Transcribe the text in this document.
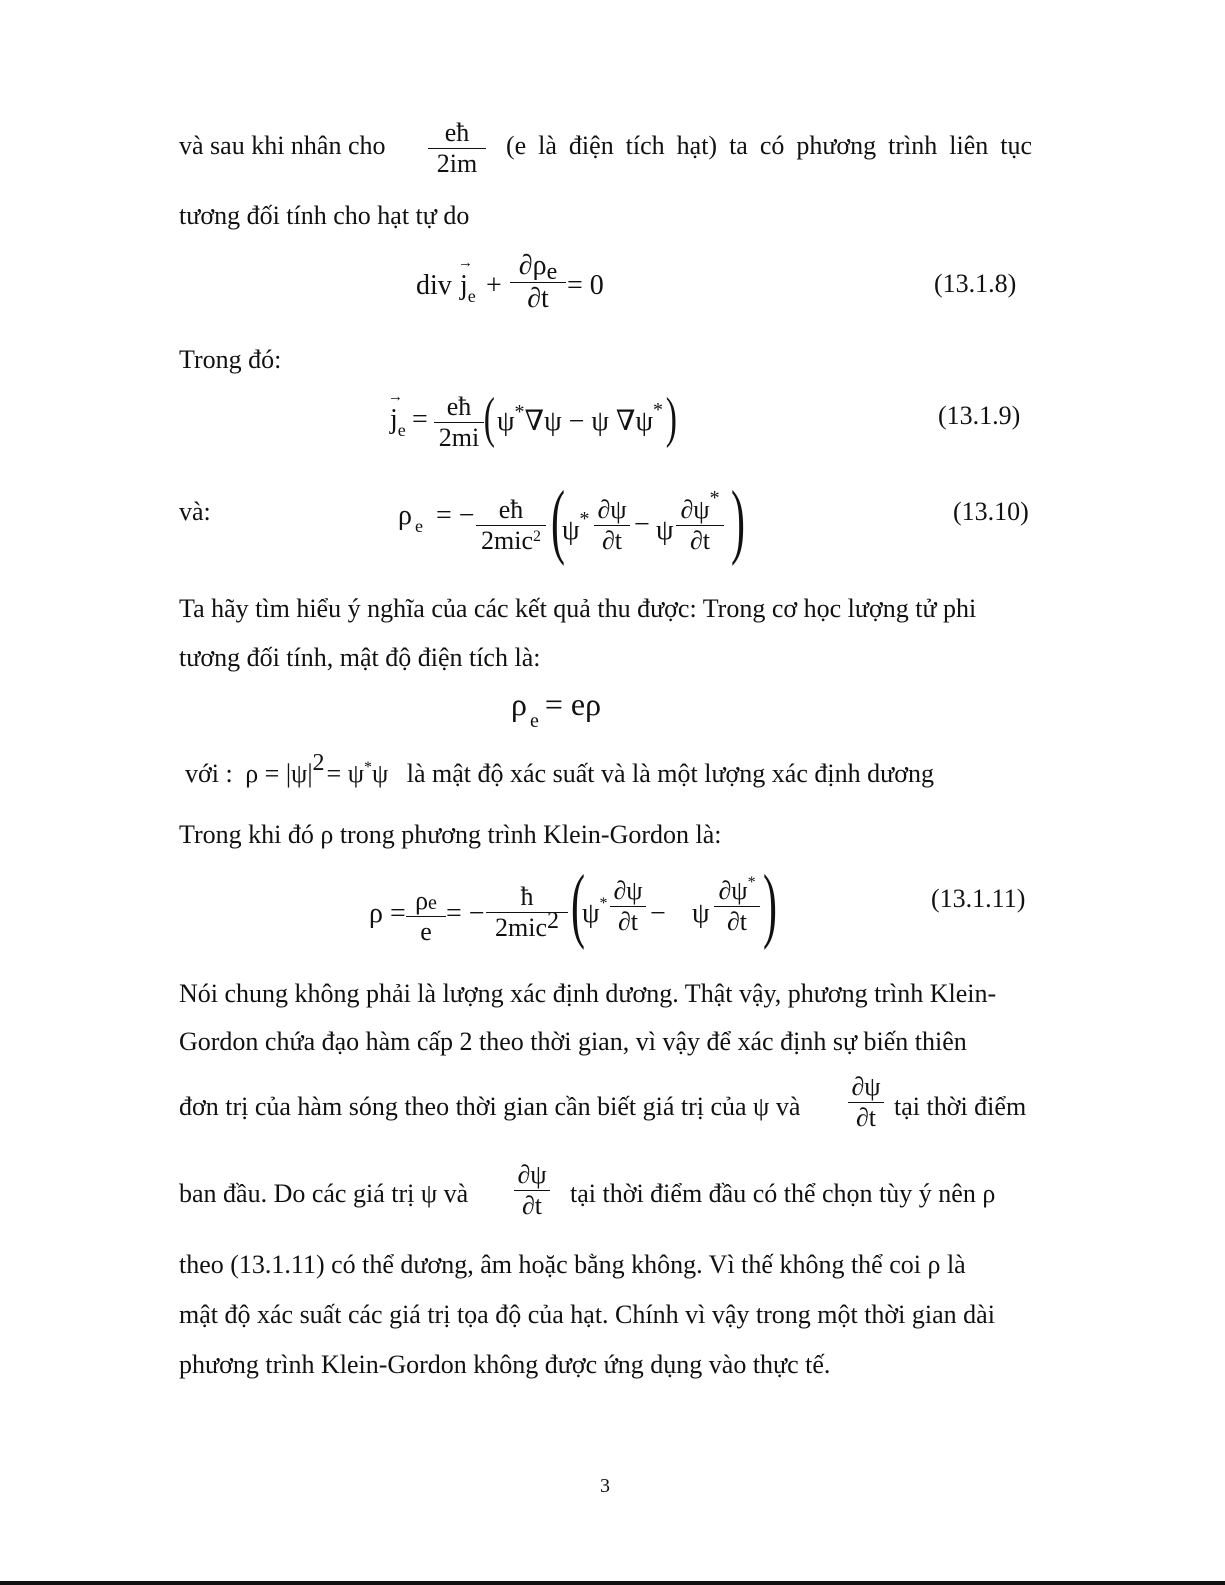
và sau khi nhân cho	eħ
2im
(e là điện tích hạt) ta có phương trình liên tục
tương đối tính cho hạt tự do
div → $j_e$ +
∂ρe
∂t = 0	(13.1.8)
Trong đó:
→ $j_e$ = eħ
2mi ( ψ*∇ψ − ψ ∇ψ* )	(13.1.9)
và:	ρ $_e$ = − eħ
2mic$^2$ (
ψ* ∂ψ
∂t
− ψ
∂ψ*
∂t )	(13.10)
Ta hãy tìm hiểu ý nghĩa của các kết quả thu được: Trong cơ học lượng tử phi
tương đối tính, mật độ điện tích là:
ρ $_e$ = eρ
với : ρ = |ψ|2= ψ*ψ là mật độ xác suất và là một lượng xác định dương
Trong khi đó ρ trong phương trình Klein-Gordon là:
ρ = ρe
e
= −
ħ
2mic2 (
ψ* ∂ψ
∂t − ψ
∂ψ*
∂t )	(13.1.11)
Nói chung không phải là lượng xác định dương. Thật vậy, phương trình Klein-
Gordon chứa đạo hàm cấp 2 theo thời gian, vì vậy để xác định sự biến thiên
đơn trị của hàm sóng theo thời gian cần biết giá trị của ψ và
∂ψ
∂t tại thời điểm
ban đầu. Do các giá trị ψ và
∂ψ
∂t	tại thời điểm đầu có thể chọn tùy ý nên ρ
theo (13.1.11) có thể dương, âm hoặc bằng không. Vì thế không thể coi ρ là
mật độ xác suất các giá trị tọa độ của hạt. Chính vì vậy trong một thời gian dài
phương trình Klein-Gordon không được ứng dụng vào thực tế.
3
